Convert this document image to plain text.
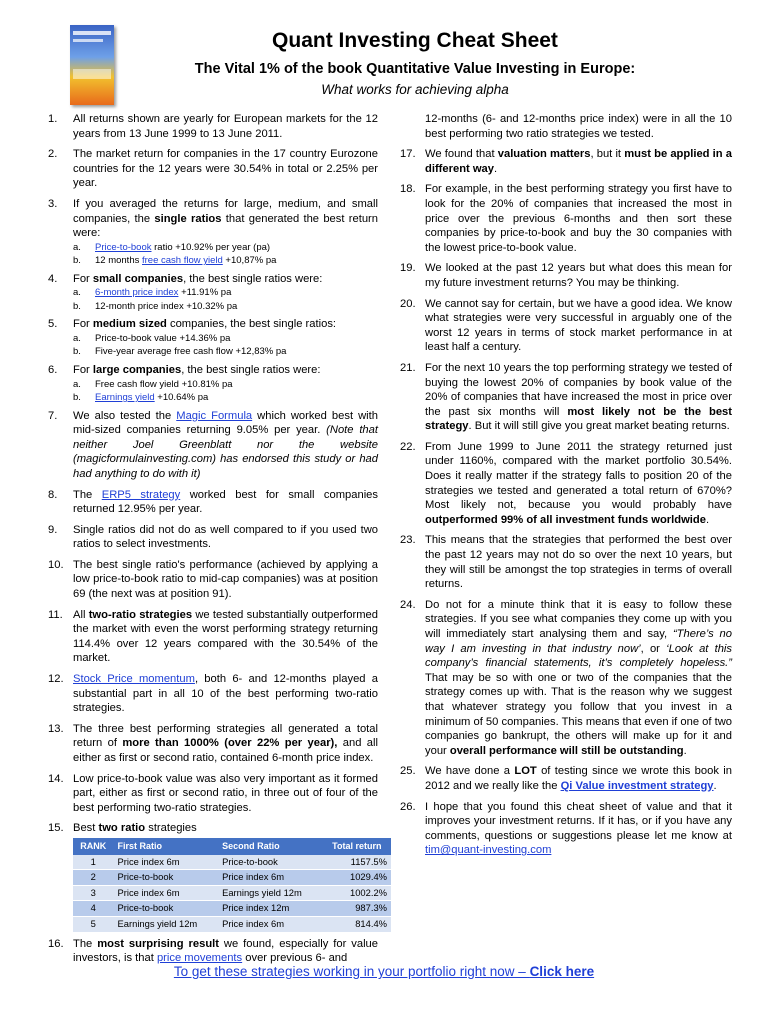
Quant Investing Cheat Sheet
The Vital 1% of the book Quantitative Value Investing in Europe:
What works for achieving alpha
1. All returns shown are yearly for European markets for the 12 years from 13 June 1999 to 13 June 2011.
2. The market return for companies in the 17 country Eurozone countries for the 12 years were 30.54% in total or 2.25% per year.
3. If you averaged the returns for large, medium, and small companies, the single ratios that generated the best return were:
a. Price-to-book ratio +10.92% per year (pa)
b. 12 months free cash flow yield +10,87% pa
4. For small companies, the best single ratios were:
a. 6-month price index +11.91% pa
b. 12-month price index +10.32% pa
5. For medium sized companies, the best single ratios:
a. Price-to-book value +14.36% pa
b. Five-year average free cash flow +12,83% pa
6. For large companies, the best single ratios were:
a. Free cash flow yield +10.81% pa
b. Earnings yield +10.64% pa
7. We also tested the Magic Formula which worked best with mid-sized companies returning 9.05% per year. (Note that neither Joel Greenblatt nor the website (magicformulainvesting.com) has endorsed this study or had had anything to do with it)
8. The ERP5 strategy worked best for small companies returned 12.95% per year.
9. Single ratios did not do as well compared to if you used two ratios to select investments.
10. The best single ratio's performance (achieved by applying a low price-to-book ratio to mid-cap companies) was at position 69 (the next was at position 91).
11. All two-ratio strategies we tested substantially outperformed the market with even the worst performing strategy returning 114.4% over 12 years compared with the 30.54% of the market.
12. Stock Price momentum, both 6- and 12-months played a substantial part in all 10 of the best performing two-ratio strategies.
13. The three best performing strategies all generated a total return of more than 1000% (over 22% per year), and all either as first or second ratio, contained 6-month price index.
14. Low price-to-book value was also very important as it formed part, either as first or second ratio, in three out of four of the best performing two-ratio strategies.
15. Best two ratio strategies
RANK	First Ratio	Second Ratio	Total return
1	Price index 6m	Price-to-book	1157.5%
2	Price-to-book	Price index 6m	1029.4%
3	Price index 6m	Earnings yield 12m	1002.2%
4	Price-to-book	Price index 12m	987.3%
5	Earnings yield 12m	Price index 6m	814.4%
16. The most surprising result we found, especially for value investors, is that price movements over previous 6- and
12-months (6- and 12-months price index) were in all the 10 best performing two ratio strategies we tested.
17. We found that valuation matters, but it must be applied in a different way.
18. For example, in the best performing strategy you first have to look for the 20% of companies that increased the most in price over the previous 6-months and then sort these companies by price-to-book and buy the 30 companies with the lowest price-to-book value.
19. We looked at the past 12 years but what does this mean for my future investment returns? You may be thinking.
20. We cannot say for certain, but we have a good idea. We know what strategies were very successful in arguably one of the worst 12 years in terms of stock market performance in at least half a century.
21. For the next 10 years the top performing strategy we tested of buying the lowest 20% of companies by book value of the 20% of companies that have increased the most in price over the past six months will most likely not be the best strategy. But it will still give you great market beating returns.
22. From June 1999 to June 2011 the strategy returned just under 1160%, compared with the market portfolio 30.54%. Does it really matter if the strategy falls to position 20 of the strategies we tested and generated a total return of 670%? Most likely not, because you would probably have outperformed 99% of all investment funds worldwide.
23. This means that the strategies that performed the best over the past 12 years may not do so over the next 10 years, but they will still be amongst the top strategies in terms of overall returns.
24. Do not for a minute think that it is easy to follow these strategies. If you see what companies they come up with you will immediately start analysing them and say, “There’s no way I am investing in that industry now’, or ‘Look at this company’s financial statements, it’s completely hopeless.” That may be so with one or two of the companies that the strategy comes up with. That is the reason why we suggest that whatever strategy you follow that you invest in a minimum of 50 companies. This means that even if one of two companies go bankrupt, the others will make up for it and your overall performance will still be outstanding.
25. We have done a LOT of testing since we wrote this book in 2012 and we really like the Qi Value investment strategy.
26. I hope that you found this cheat sheet of value and that it improves your investment returns. If it has, or if you have any comments, questions or suggestions please let me know at tim@quant-investing.com
To get these strategies working in your portfolio right now – Click here
